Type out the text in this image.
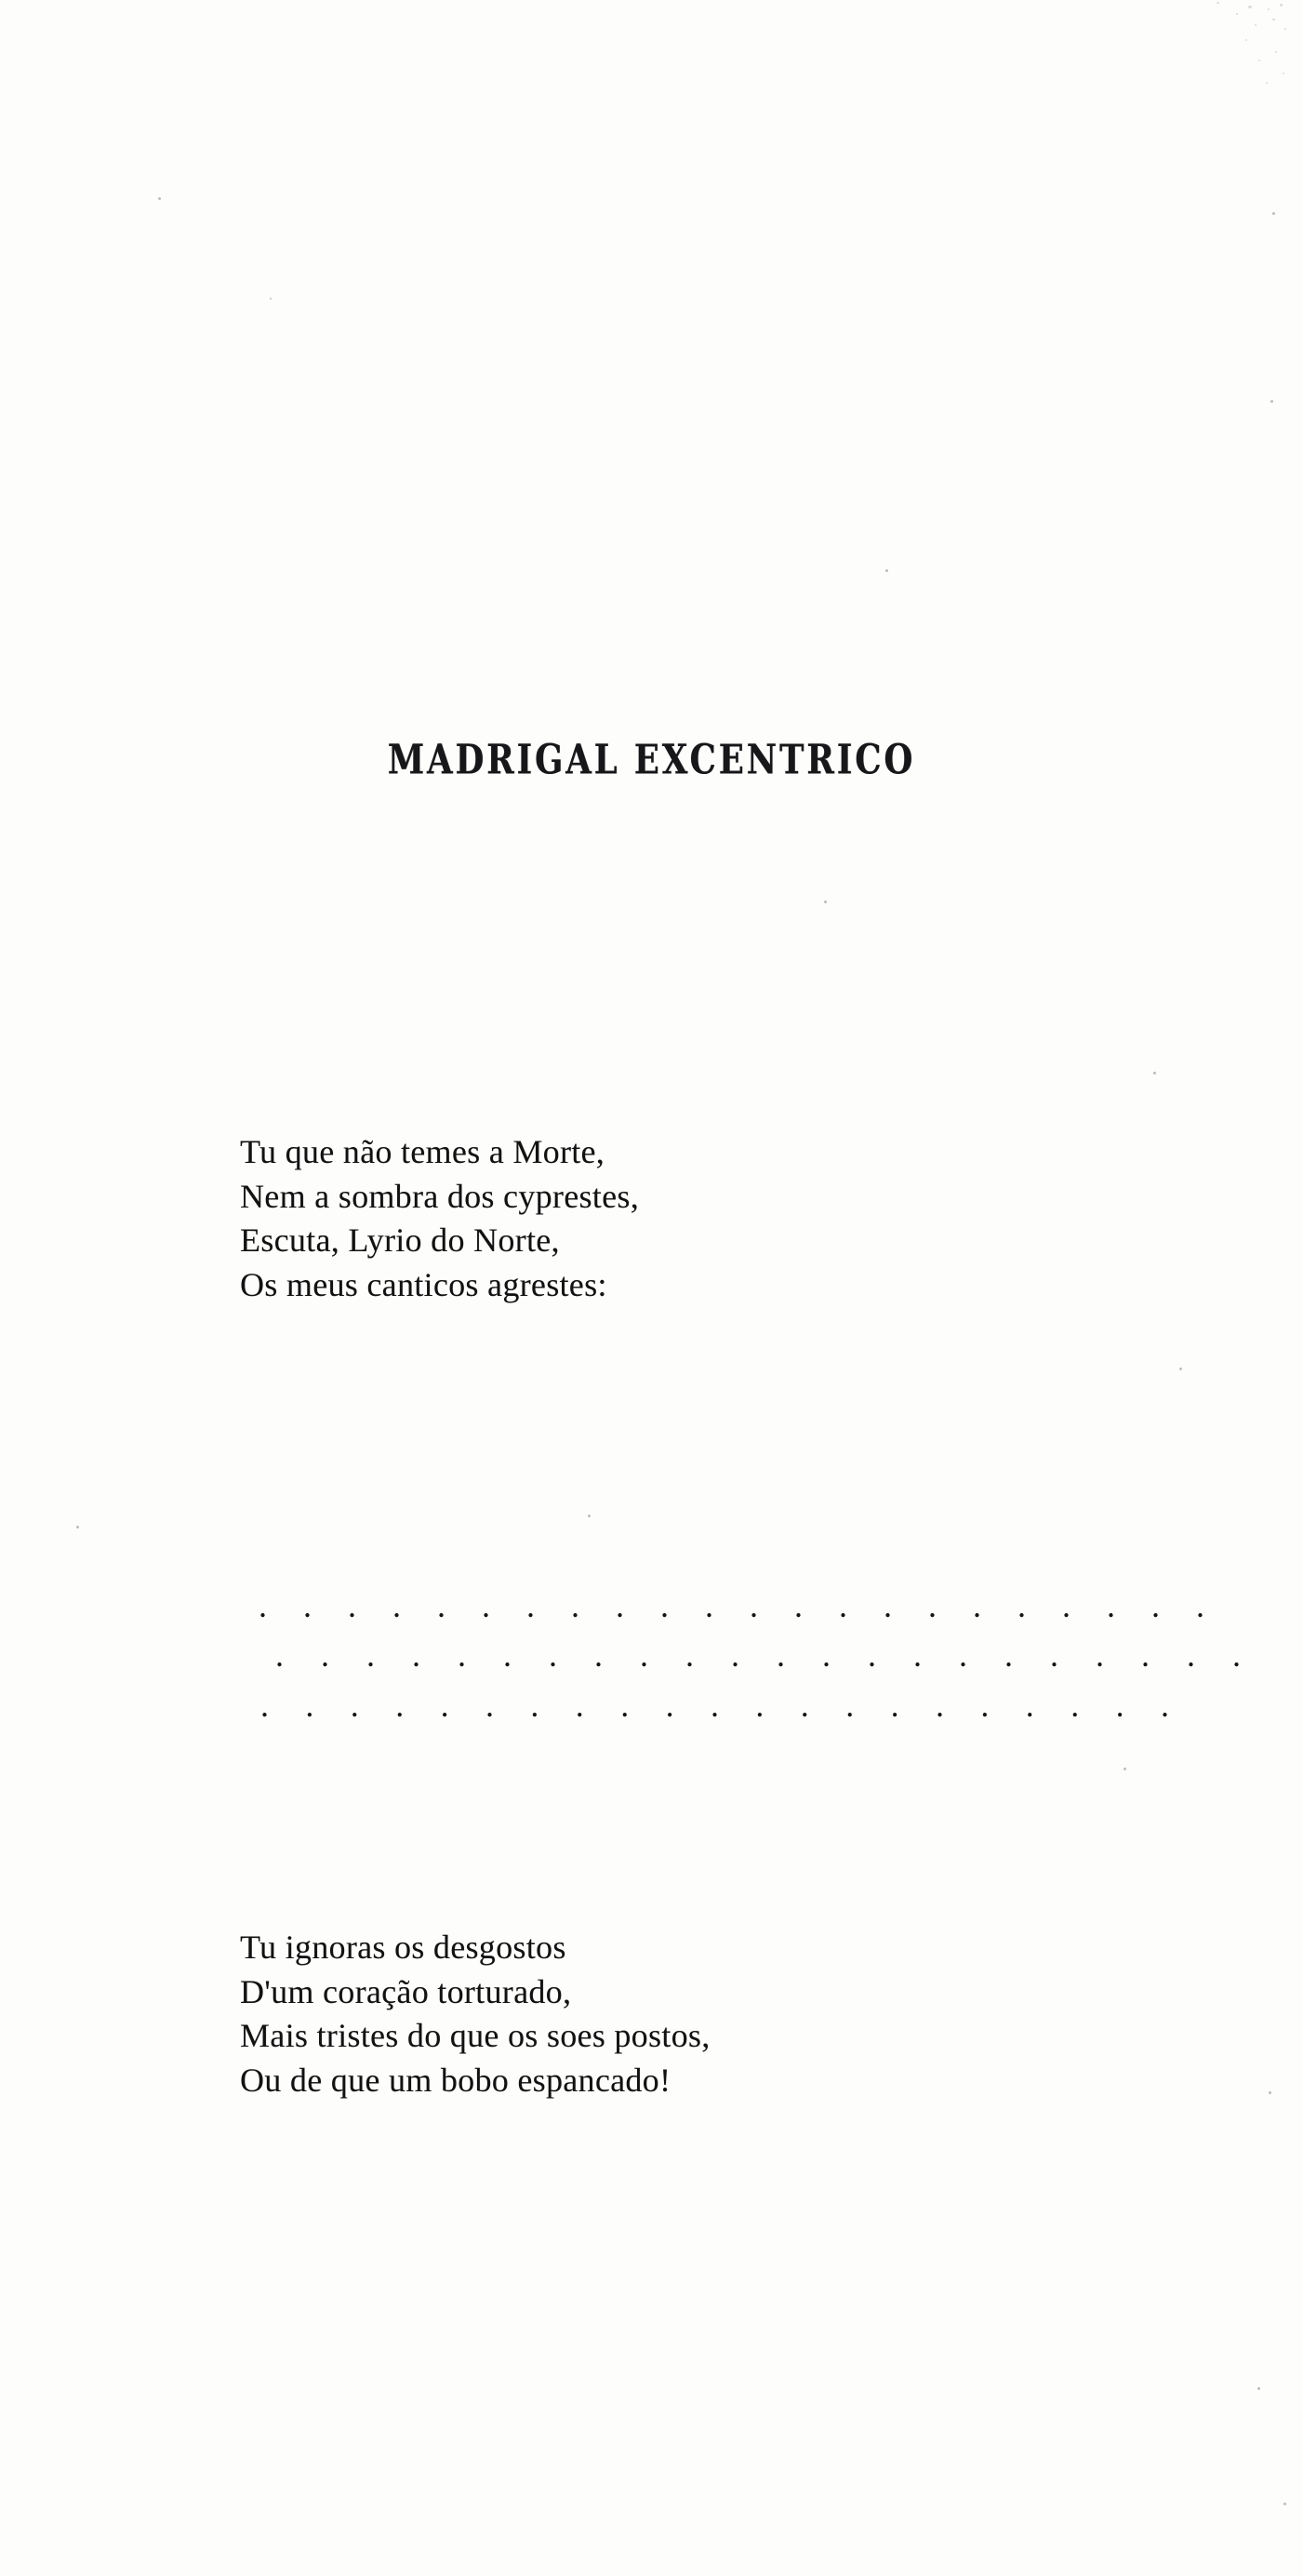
MADRIGAL EXCENTRICO
Tu que não temes a Morte,
Nem a sombra dos cyprestes,
Escuta, Lyrio do Norte,
Os meus canticos agrestes:
. . . . . . . . . . . . . . . . . . . . . .
. . . . . . . . . . . . . . . . . . . . . .
. . . . . . . . . . . . . . . . . . . . .
Tu ignoras os desgostos
D'um coração torturado,
Mais tristes do que os soes postos,
Ou de que um bobo espancado!
